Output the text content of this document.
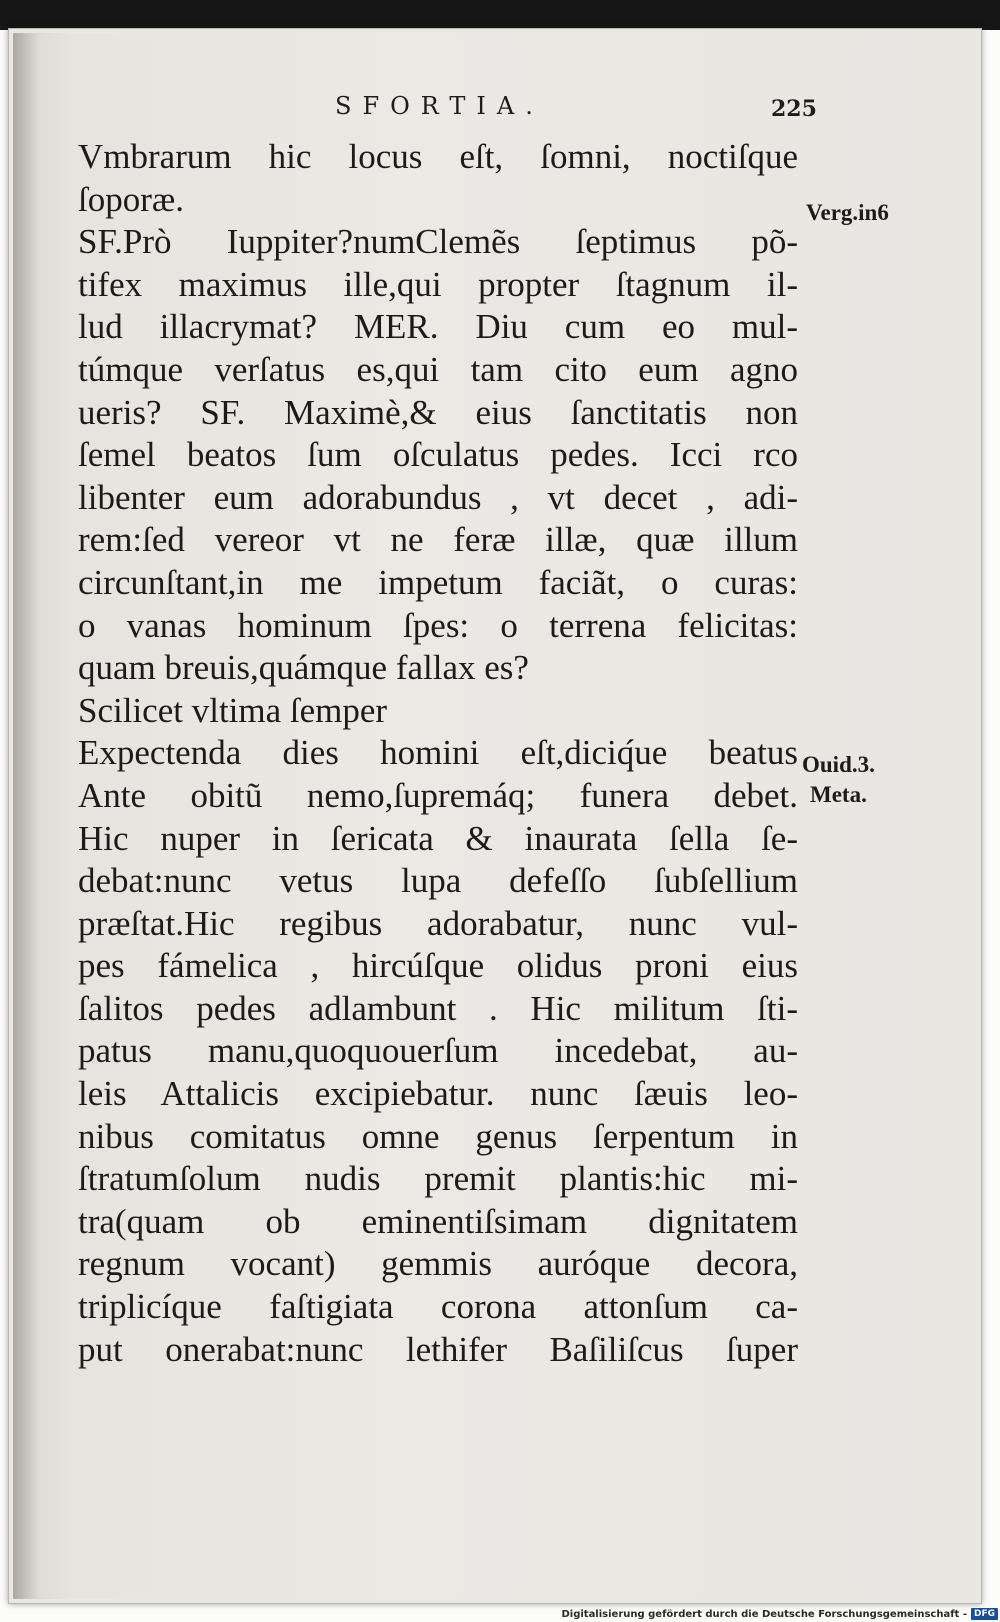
SFORTIA.	225
Vmbrarum hic locus eſt, ſomni, noctiſque
ſoporæ.
SF.Prò Iuppiter?numClemẽs ſeptimus põ-
tifex maximus ille,qui propter ſtagnum il-
lud illacrymat? MER. Diu cum eo mul-
túmque verſatus es,qui tam cito eum agno
ueris? SF. Maximè,& eius ſanctitatis non
ſemel beatos ſum oſculatus pedes. Icci rco
libenter eum adorabundus , vt decet , adi-
rem:ſed vereor vt ne feræ illæ, quæ illum
circunſtant,in me impetum faciãt, o curas:
o vanas hominum ſpes: o terrena felicitas:
quam breuis,quámque fallax es?
Scilicet vltima ſemper
Expectenda dies homini eſt,diciq́ue beatus
Ante obitũ nemo,ſupremáq; funera debet.
Hic nuper in ſericata & inaurata ſella ſe-
debat:nunc vetus lupa defeſſo ſubſellium
præſtat.Hic regibus adorabatur, nunc vul-
pes fámelica , hircúſque olidus proni eius
ſalitos pedes adlambunt . Hic militum ſti-
patus manu,quoquouerſum incedebat, au-
leis Attalicis excipiebatur. nunc ſæuis leo-
nibus comitatus omne genus ſerpentum in
ſtratumſolum nudis premit plantis:hic mi-
tra(quam ob eminentiſsimam dignitatem
regnum vocant) gemmis auróque decora,
triplicíque faſtigiata corona attonſum ca-
put onerabat:nunc lethifer Baſiliſcus ſuper
Verg.in6
Ouid.3.
Meta.
Digitalisierung gefördert durch die Deutsche Forschungsgemeinschaft - DFG
